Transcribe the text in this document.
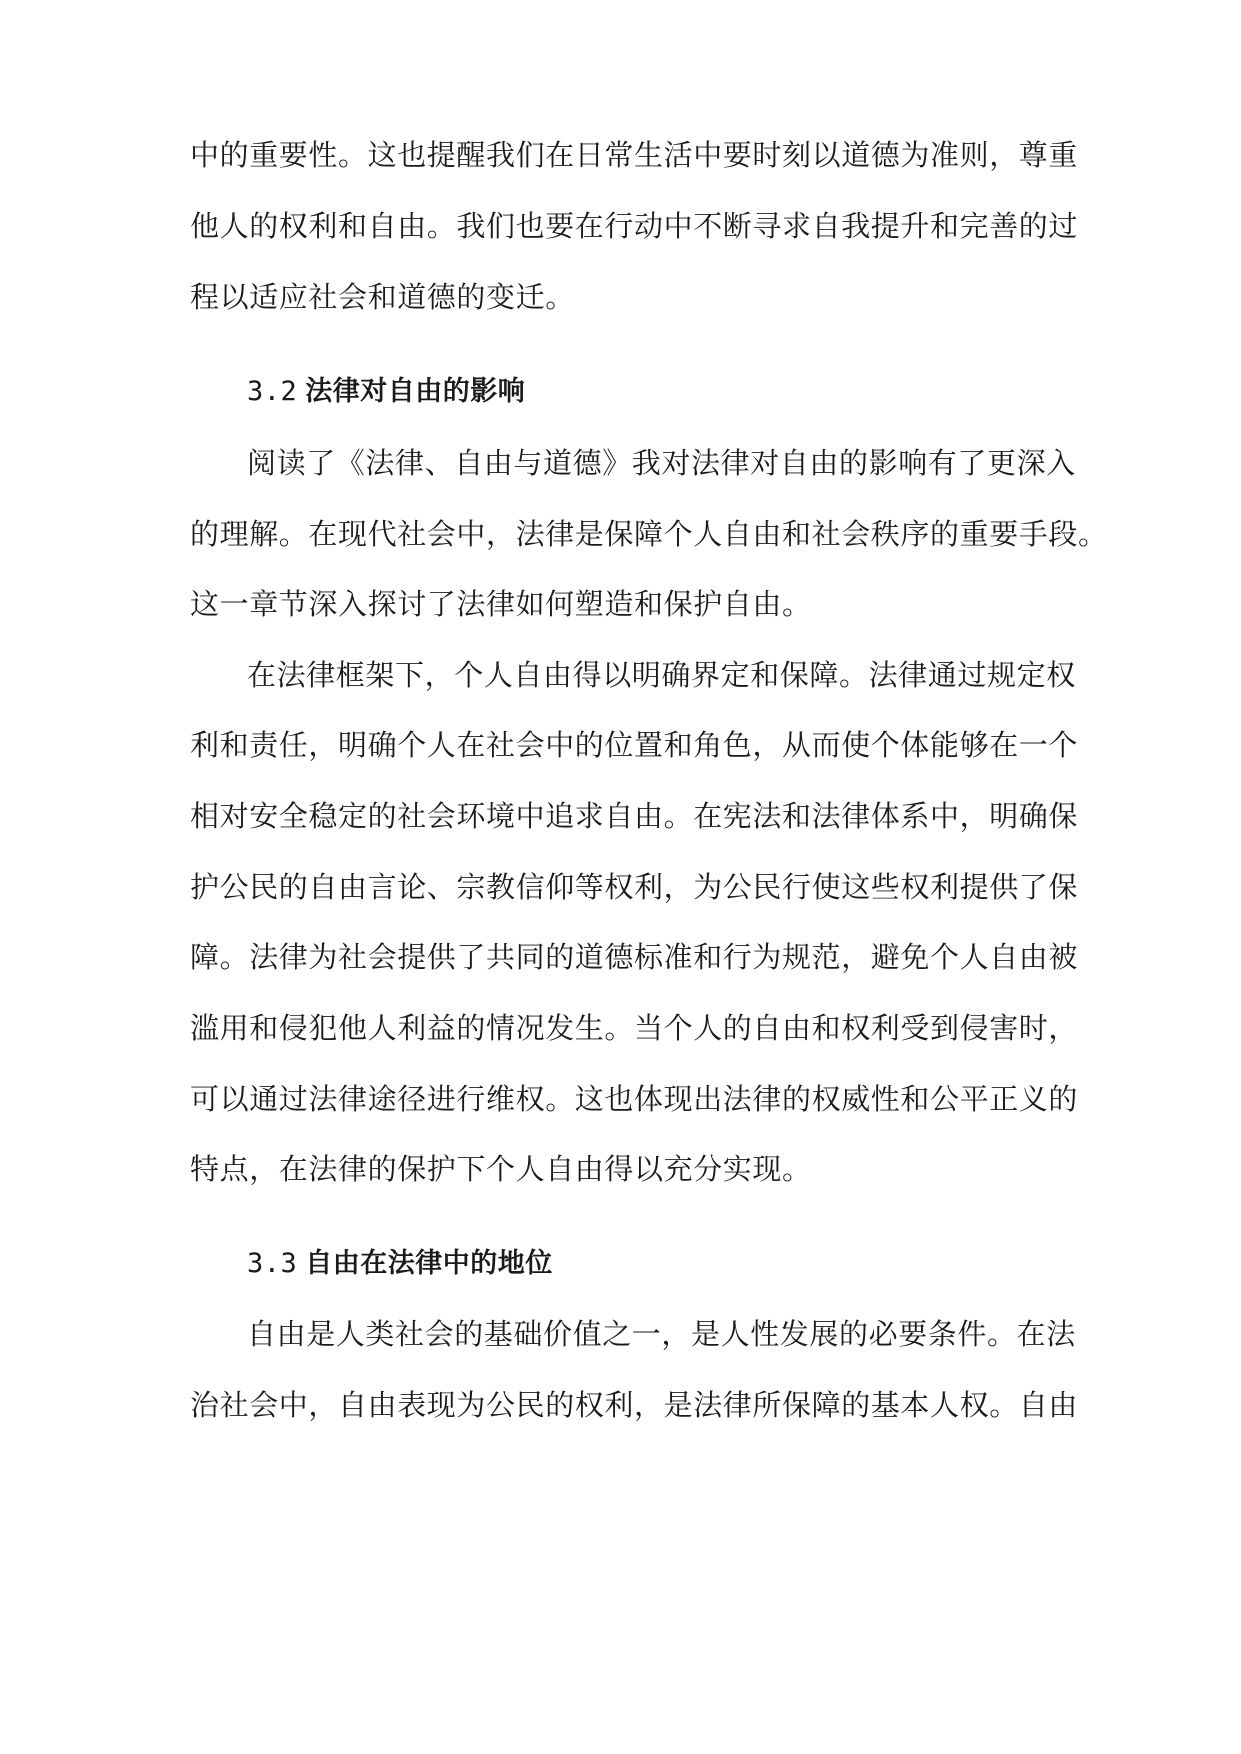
中的重要性。这也提醒我们在日常生活中要时刻以道德为准则，尊重
他人的权利和自由。我们也要在行动中不断寻求自我提升和完善的过
程以适应社会和道德的变迁。
3.2 法律对自由的影响
阅读了《法律、自由与道德》我对法律对自由的影响有了更深入
的理解。在现代社会中，法律是保障个人自由和社会秩序的重要手段。
这一章节深入探讨了法律如何塑造和保护自由。
在法律框架下，个人自由得以明确界定和保障。法律通过规定权
利和责任，明确个人在社会中的位置和角色，从而使个体能够在一个
相对安全稳定的社会环境中追求自由。在宪法和法律体系中，明确保
护公民的自由言论、宗教信仰等权利，为公民行使这些权利提供了保
障。法律为社会提供了共同的道德标准和行为规范，避免个人自由被
滥用和侵犯他人利益的情况发生。当个人的自由和权利受到侵害时，
可以通过法律途径进行维权。这也体现出法律的权威性和公平正义的
特点，在法律的保护下个人自由得以充分实现。
3.3 自由在法律中的地位
自由是人类社会的基础价值之一，是人性发展的必要条件。在法
治社会中，自由表现为公民的权利，是法律所保障的基本人权。自由
